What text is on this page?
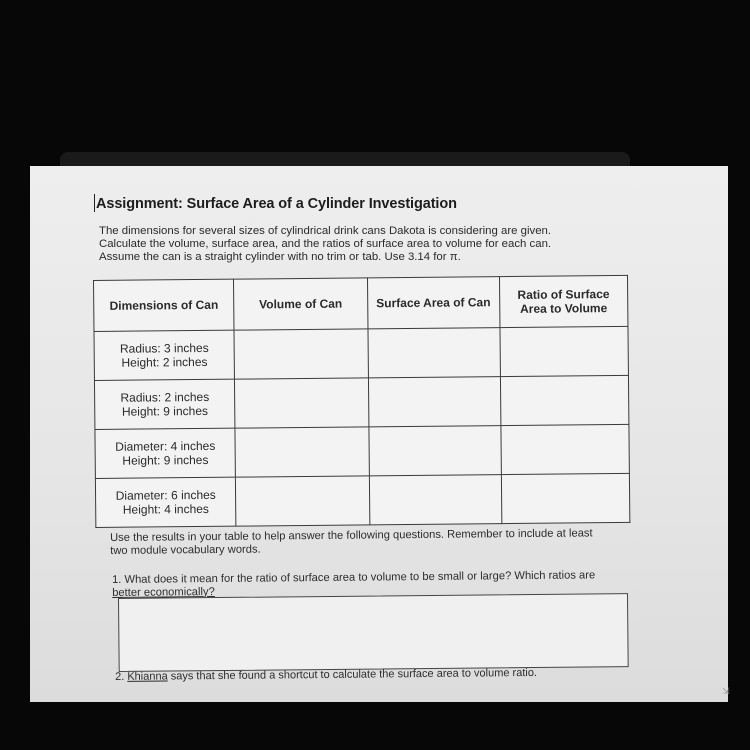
Assignment: Surface Area of a Cylinder Investigation
The dimensions for several sizes of cylindrical drink cans Dakota is considering are given.
Calculate the volume, surface area, and the ratios of surface area to volume for each can.
Assume the can is a straight cylinder with no trim or tab. Use 3.14 for π.
Dimensions of Can	Volume of Can	Surface Area of Can	Ratio of Surface
Area to Volume

Radius: 3 inches
Height: 2 inches			

Radius: 2 inches
Height: 9 inches			

Diameter: 4 inches
Height: 9 inches			

Diameter: 6 inches
Height: 4 inches			

Use the results in your table to help answer the following questions. Remember to include at least
two module vocabulary words.
1. What does it mean for the ratio of surface area to volume to be small or large? Which ratios are
better economically?
2. Khianna says that she found a shortcut to calculate the surface area to volume ratio.
⇲
